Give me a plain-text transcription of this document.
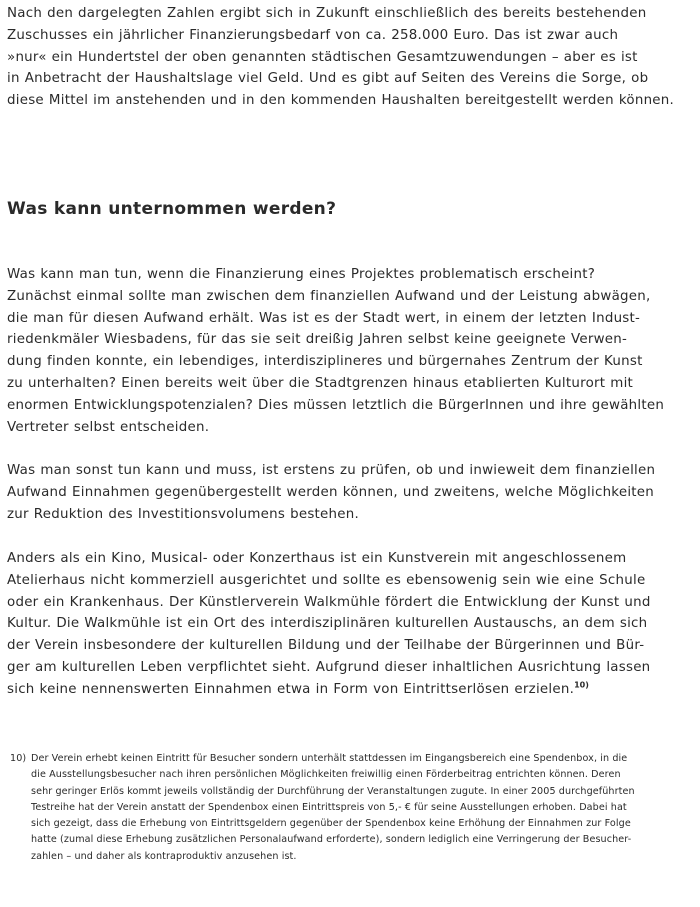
Nach den dargelegten Zahlen ergibt sich in Zukunft einschließlich des bereits bestehenden
Zuschusses ein jährlicher Finanzierungsbedarf von ca. 258.000 Euro. Das ist zwar auch
»nur« ein Hundertstel der oben genannten städtischen Gesamtzuwendungen – aber es ist
in Anbetracht der Haushaltslage viel Geld. Und es gibt auf Seiten des Vereins die Sorge, ob
diese Mittel im anstehenden und in den kommenden Haushalten bereitgestellt werden können.

Was kann unternommen werden?

Was kann man tun, wenn die Finanzierung eines Projektes problematisch erscheint?
Zunächst einmal sollte man zwischen dem finanziellen Aufwand und der Leistung abwägen,
die man für diesen Aufwand erhält. Was ist es der Stadt wert, in einem der letzten Indust-
riedenkmäler Wiesbadens, für das sie seit dreißig Jahren selbst keine geeignete Verwen-
dung finden konnte, ein lebendiges, interdisziplineres und bürgernahes Zentrum der Kunst
zu unterhalten? Einen bereits weit über die Stadtgrenzen hinaus etablierten Kulturort mit
enormen Entwicklungspotenzialen? Dies müssen letztlich die BürgerInnen und ihre gewählten
Vertreter selbst entscheiden.

Was man sonst tun kann und muss, ist erstens zu prüfen, ob und inwieweit dem finanziellen
Aufwand Einnahmen gegenübergestellt werden können, und zweitens, welche Möglichkeiten
zur Reduktion des Investitionsvolumens bestehen.

Anders als ein Kino, Musical- oder Konzerthaus ist ein Kunstverein mit angeschlossenem
Atelierhaus nicht kommerziell ausgerichtet und sollte es ebensowenig sein wie eine Schule
oder ein Krankenhaus. Der Künstlerverein Walkmühle fördert die Entwicklung der Kunst und
Kultur. Die Walkmühle ist ein Ort des interdisziplinären kulturellen Austauschs, an dem sich
der Verein insbesondere der kulturellen Bildung und der Teilhabe der Bürgerinnen und Bür-
ger am kulturellen Leben verpflichtet sieht. Aufgrund dieser inhaltlichen Ausrichtung lassen
sich keine nennenswerten Einnahmen etwa in Form von Eintrittserlösen erzielen.$^{10)}$

10) Der Verein erhebt keinen Eintritt für Besucher sondern unterhält stattdessen im Eingangsbereich eine Spendenbox, in die
die Ausstellungsbesucher nach ihren persönlichen Möglichkeiten freiwillig einen Förderbeitrag entrichten können. Deren
sehr geringer Erlös kommt jeweils vollständig der Durchführung der Veranstaltungen zugute. In einer 2005 durchgeführten
Testreihe hat der Verein anstatt der Spendenbox einen Eintrittspreis von 5,- € für seine Ausstellungen erhoben. Dabei hat
sich gezeigt, dass die Erhebung von Eintrittsgeldern gegenüber der Spendenbox keine Erhöhung der Einnahmen zur Folge
hatte (zumal diese Erhebung zusätzlichen Personalaufwand erforderte), sondern lediglich eine Verringerung der Besucher-
zahlen – und daher als kontraproduktiv anzusehen ist.
